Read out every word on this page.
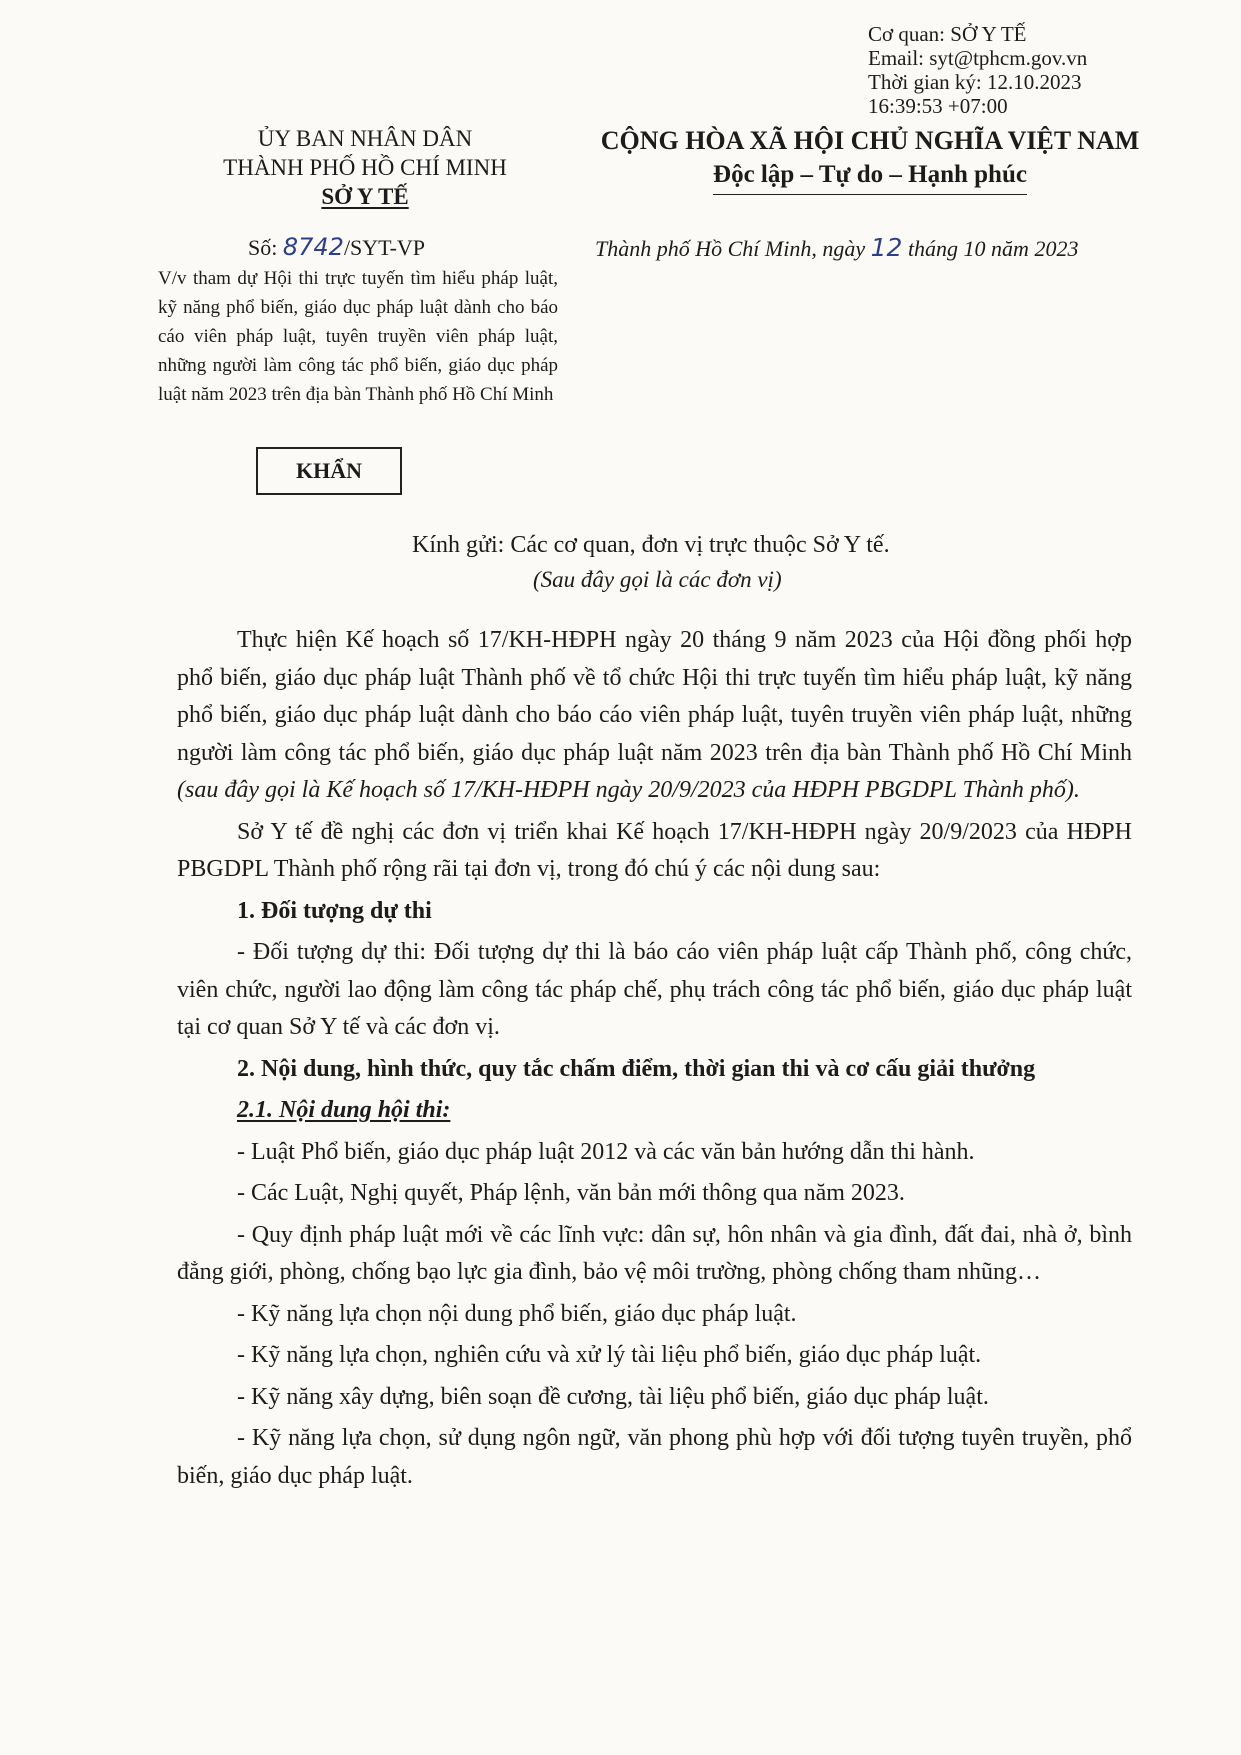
Cơ quan: SỞ Y TẾ
Email: syt@tphcm.gov.vn
Thời gian ký: 12.10.2023
16:39:53 +07:00
ỦY BAN NHÂN DÂN
THÀNH PHỐ HỒ CHÍ MINH
SỞ Y TẾ
CỘNG HÒA XÃ HỘI CHỦ NGHĨA VIỆT NAM
Độc lập – Tự do – Hạnh phúc
Số: 8742/SYT-VP	Thành phố Hồ Chí Minh, ngày 12 tháng 10 năm 2023
V/v tham dự Hội thi trực tuyến tìm hiểu pháp luật, kỹ năng phổ biến, giáo dục pháp luật dành cho báo cáo viên pháp luật, tuyên truyền viên pháp luật, những người làm công tác phổ biến, giáo dục pháp luật năm 2023 trên địa bàn Thành phố Hồ Chí Minh
KHẨN
Kính gửi: Các cơ quan, đơn vị trực thuộc Sở Y tế.
(Sau đây gọi là các đơn vị)

Thực hiện Kế hoạch số 17/KH-HĐPH ngày 20 tháng 9 năm 2023 của Hội đồng phối hợp phổ biến, giáo dục pháp luật Thành phố về tổ chức Hội thi trực tuyến tìm hiểu pháp luật, kỹ năng phổ biến, giáo dục pháp luật dành cho báo cáo viên pháp luật, tuyên truyền viên pháp luật, những người làm công tác phổ biến, giáo dục pháp luật năm 2023 trên địa bàn Thành phố Hồ Chí Minh (sau đây gọi là Kế hoạch số 17/KH-HĐPH ngày 20/9/2023 của HĐPH PBGDPL Thành phố).

Sở Y tế đề nghị các đơn vị triển khai Kế hoạch 17/KH-HĐPH ngày 20/9/2023 của HĐPH PBGDPL Thành phố rộng rãi tại đơn vị, trong đó chú ý các nội dung sau:

1. Đối tượng dự thi

- Đối tượng dự thi: Đối tượng dự thi là báo cáo viên pháp luật cấp Thành phố, công chức, viên chức, người lao động làm công tác pháp chế, phụ trách công tác phổ biến, giáo dục pháp luật tại cơ quan Sở Y tế và các đơn vị.

2. Nội dung, hình thức, quy tắc chấm điểm, thời gian thi và cơ cấu giải thưởng

2.1. Nội dung hội thi:

- Luật Phổ biến, giáo dục pháp luật 2012 và các văn bản hướng dẫn thi hành.

- Các Luật, Nghị quyết, Pháp lệnh, văn bản mới thông qua năm 2023.

- Quy định pháp luật mới về các lĩnh vực: dân sự, hôn nhân và gia đình, đất đai, nhà ở, bình đẳng giới, phòng, chống bạo lực gia đình, bảo vệ môi trường, phòng chống tham nhũng…

- Kỹ năng lựa chọn nội dung phổ biến, giáo dục pháp luật.

- Kỹ năng lựa chọn, nghiên cứu và xử lý tài liệu phổ biến, giáo dục pháp luật.

- Kỹ năng xây dựng, biên soạn đề cương, tài liệu phổ biến, giáo dục pháp luật.

- Kỹ năng lựa chọn, sử dụng ngôn ngữ, văn phong phù hợp với đối tượng tuyên truyền, phổ biến, giáo dục pháp luật.
